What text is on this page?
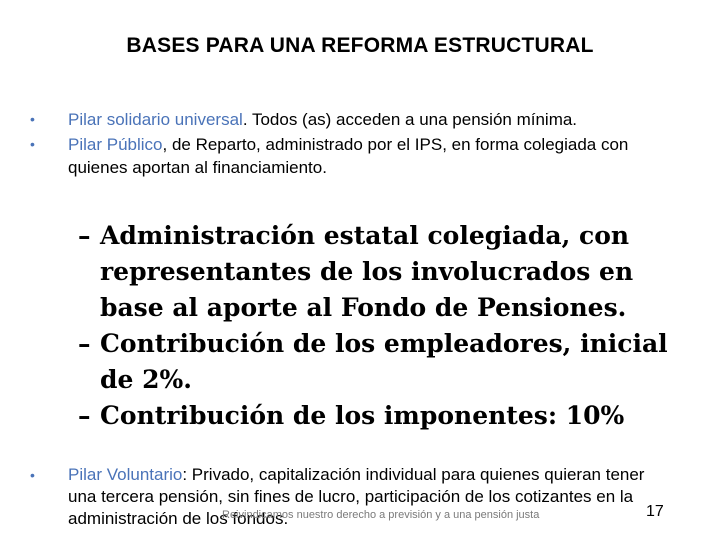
BASES PARA UNA REFORMA ESTRUCTURAL
•	Pilar solidario universal. Todos (as) acceden a una pensión mínima.
•	Pilar Público, de Reparto, administrado por el IPS, en forma colegiada con quienes aportan al financiamiento.
– Administración estatal colegiada, con representantes de los involucrados en base al aporte al Fondo de Pensiones.
– Contribución de los empleadores, inicial de 2%.
– Contribución de los imponentes: 10%
•	Pilar Voluntario: Privado, capitalización individual para quienes quieran tener una tercera pensión, sin fines de lucro, participación de los cotizantes en la administración de los fondos.
Reivindicamos nuestro derecho a previsión y a una pensión justa	17
